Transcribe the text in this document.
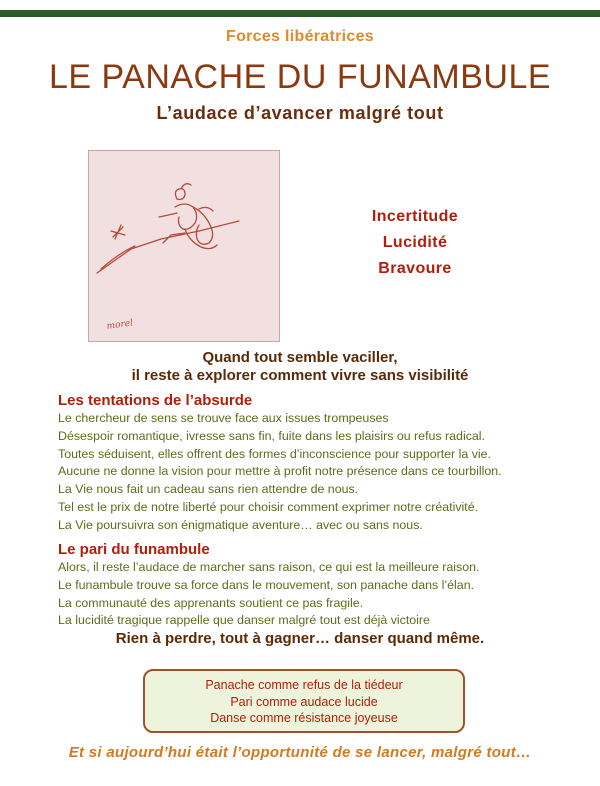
Forces libératrices
LE PANACHE DU FUNAMBULE
L’audace d’avancer malgré tout
morel
Incertitude
Lucidité
Bravoure
Quand tout semble vaciller,
il reste à explorer comment vivre sans visibilité
Les tentations de l’absurde
Le chercheur de sens se trouve face aux issues trompeuses
Désespoir romantique, ivresse sans fin, fuite dans les plaisirs ou refus radical.
Toutes séduisent, elles offrent des formes d’inconscience pour supporter la vie.
Aucune ne donne la vision pour mettre à profit notre présence dans ce tourbillon.
La Vie nous fait un cadeau sans rien attendre de nous.
Tel est le prix de notre liberté pour choisir comment exprimer notre créativité.
La Vie poursuivra son énigmatique aventure… avec ou sans nous.
Le pari du funambule
Alors, il reste l’audace de marcher sans raison, ce qui est la meilleure raison.
Le funambule trouve sa force dans le mouvement, son panache dans l’élan.
La communauté des apprenants soutient ce pas fragile.
La lucidité tragique rappelle que danser malgré tout est déjà victoire
Rien à perdre, tout à gagner… danser quand même.
Panache comme refus de la tiédeur
Pari comme audace lucide
Danse comme résistance joyeuse
Et si aujourd’hui était l’opportunité de se lancer, malgré tout…
